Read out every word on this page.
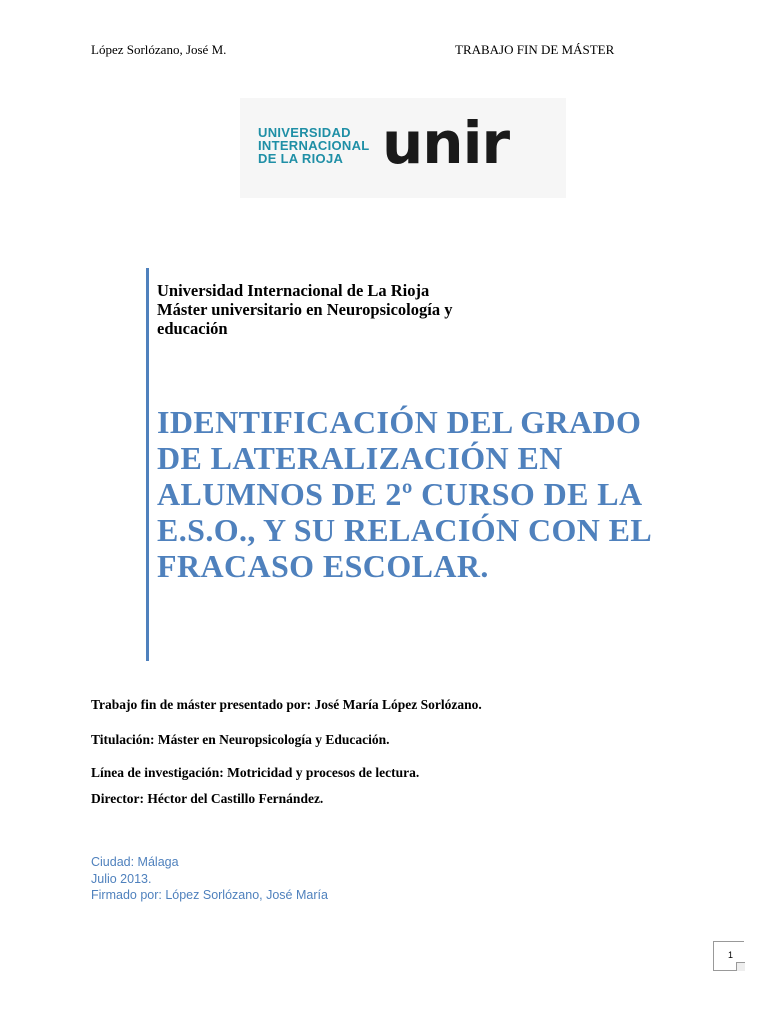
López Sorlózano, José M.	TRABAJO FIN DE MÁSTER
UNIVERSIDAD
INTERNACIONAL
DE LA RIOJA unir
Universidad Internacional de La Rioja
Máster universitario en Neuropsicología y educación
IDENTIFICACIÓN DEL GRADO DE LATERALIZACIÓN EN ALUMNOS DE 2º CURSO DE LA E.S.O., Y SU RELACIÓN CON EL FRACASO ESCOLAR.
Trabajo fin de máster presentado por: José María López Sorlózano.
Titulación: Máster en Neuropsicología y Educación.
Línea de investigación: Motricidad y procesos de lectura.
Director: Héctor del Castillo Fernández.
Ciudad: Málaga
Julio 2013.
Firmado por: López Sorlózano, José María
1
